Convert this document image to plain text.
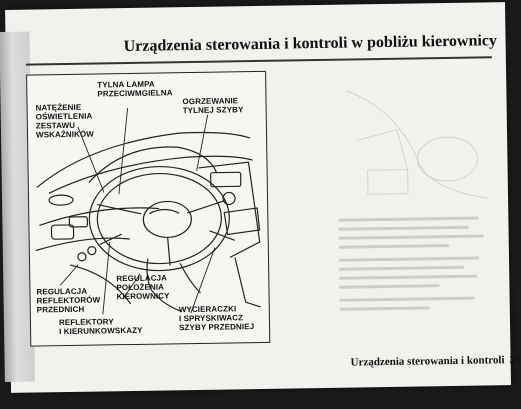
Urządzenia sterowania i kontroli w pobliżu kierownicy
NATĘŻENIE
OŚWIETLENIA
ZESTAWU
WSKAŹNIKÓW
TYLNA LAMPA
PRZECIWMGIELNA
OGRZEWANIE
TYLNEJ SZYBY
REGULACJA
REFLEKTORÓW
PRZEDNICH
REGULACJA
POŁOŻENIA
KIEROWNICY
REFLEKTORY
I KIERUNKOWSKAZY
WYCIERACZKI
I SPRYSKIWACZ
SZYBY PRZEDNIEJ
Urządzenia sterowania i kontroli 39
